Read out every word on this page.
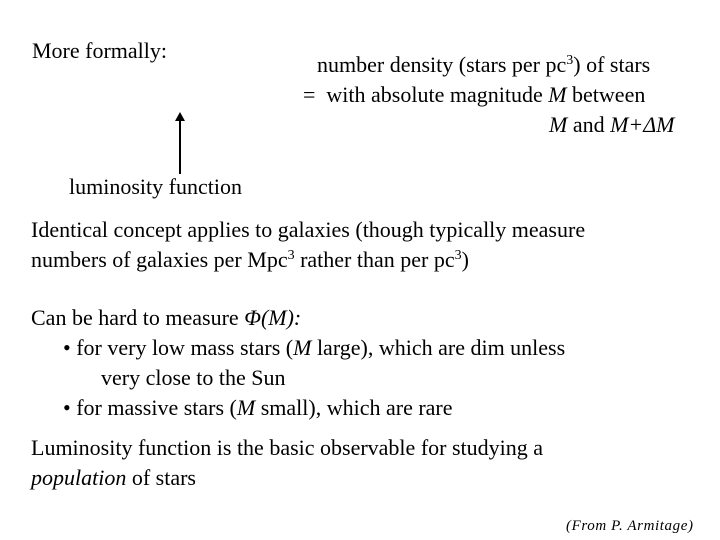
More formally:
number density (stars per $pc^3$) of stars
= with absolute magnitude M between
M and M+ΔM
luminosity function
Identical concept applies to galaxies (though typically measure
numbers of galaxies per Mpc$^3$ rather than per $pc^3$)
Can be hard to measure Φ(M):
• for very low mass stars (M large), which are dim unless
very close to the Sun
• for massive stars (M small), which are rare
Luminosity function is the basic observable for studying a
population of stars
(From P. Armitage)
